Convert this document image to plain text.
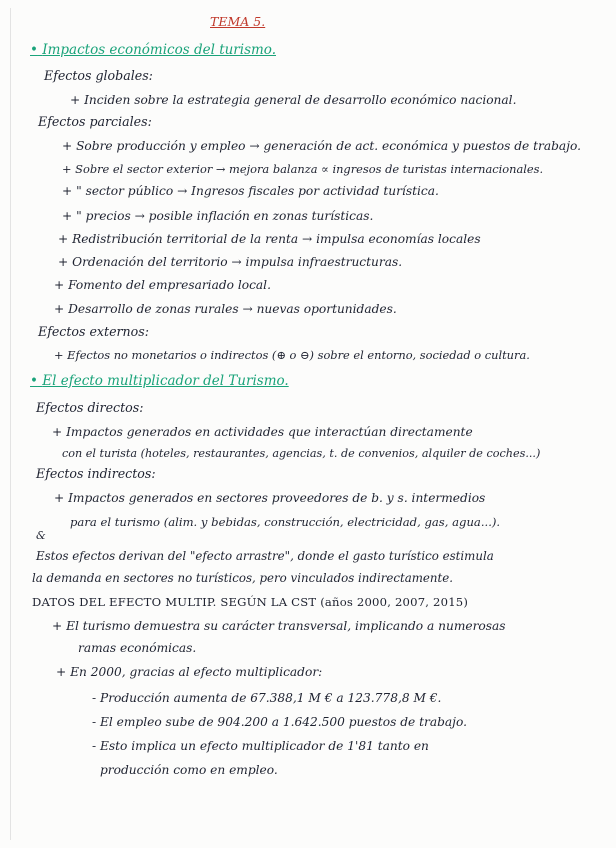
TEMA 5.
• Impactos económicos del turismo.
Efectos globales:
+ Inciden sobre la estrategia general de desarrollo económico nacional.
Efectos parciales:
+ Sobre producción y empleo → generación de act. económica y puestos de trabajo.
+ Sobre el sector exterior → mejora balanza ∝ ingresos de turistas internacionales.
+ " sector público → Ingresos fiscales por actividad turística.
+ " precios → posible inflación en zonas turísticas.
+ Redistribución territorial de la renta → impulsa economías locales
+ Ordenación del territorio → impulsa infraestructuras.
+ Fomento del empresariado local.
+ Desarrollo de zonas rurales → nuevas oportunidades.
Efectos externos:
+ Efectos no monetarios o indirectos (⊕ o ⊖) sobre el entorno, sociedad o cultura.
• El efecto multiplicador del Turismo.
Efectos directos:
+ Impactos generados en actividades que interactúan directamente
con el turista (hoteles, restaurantes, agencias, t. de convenios, alquiler de coches...)
Efectos indirectos:
+ Impactos generados en sectores proveedores de b. y s. intermedios
para el turismo (alim. y bebidas, construcción, electricidad, gas, agua...).
&
Estos efectos derivan del "efecto arrastre", donde el gasto turístico estimula
la demanda en sectores no turísticos, pero vinculados indirectamente.
DATOS DEL EFECTO MULTIP. SEGÚN LA CST (años 2000, 2007, 2015)
+ El turismo demuestra su carácter transversal, implicando a numerosas
ramas económicas.
+ En 2000, gracias al efecto multiplicador:
- Producción aumenta de 67.388,1 M € a 123.778,8 M €.
- El empleo sube de 904.200 a 1.642.500 puestos de trabajo.
- Esto implica un efecto multiplicador de 1'81 tanto en
producción como en empleo.
